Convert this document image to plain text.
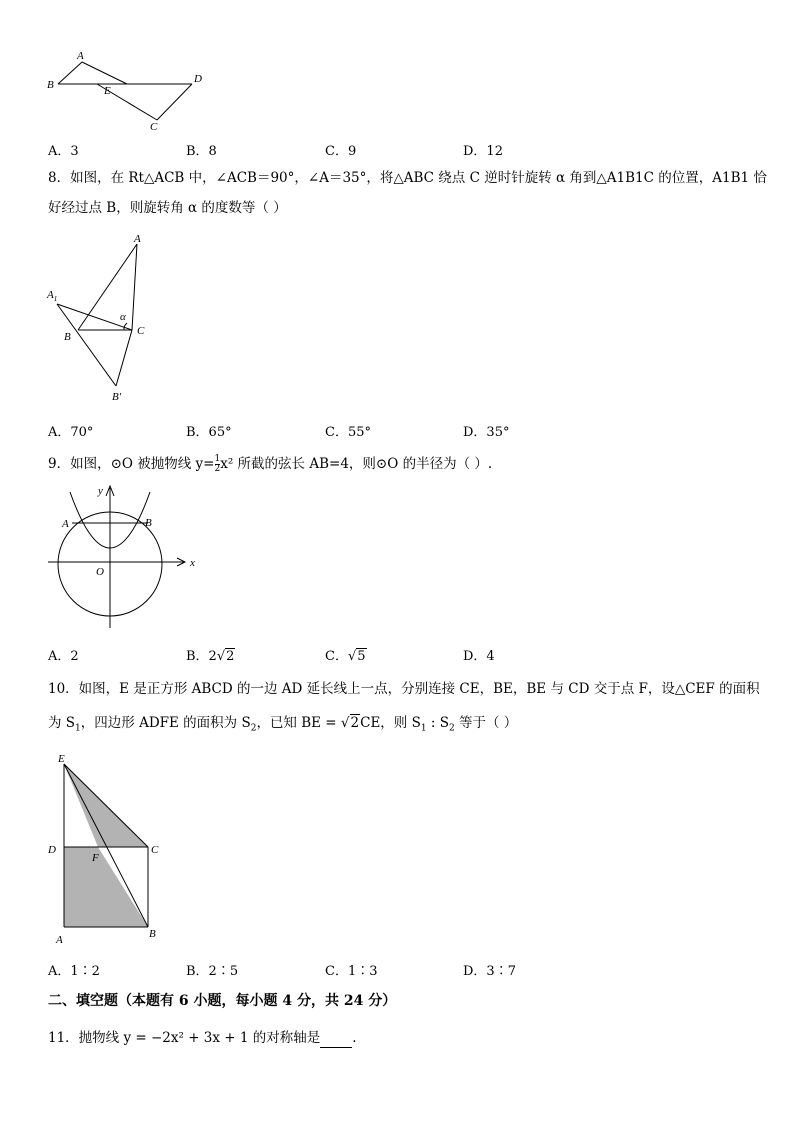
A
B	E
D
C
A．3	B．8	C．9	D．12
8．如图，在 Rt△ACB 中，∠ACB＝90°，∠A＝35°，将△ABC 绕点 C 逆时针旋转 α 角到△A1B1C 的位置，A1B1 恰
好经过点 B，则旋转角 α 的度数等（ ）
A
$A_1$
α
B	C
B′
A．70°	B．65°	C．55°	D．35°
9．如图，⊙O 被抛物线 $y= \frac{1}{2} x^2$ 所截的弦长 AB=4，则⊙O 的半径为（ ）.
y
A	B
O
x
A．2	B．2√2	C．√5	D．4
10．如图，E 是正方形 ABCD 的一边 AD 延长线上一点，分别连接 CE，BE，BE 与 CD 交于点 F，设△CEF 的面积
为 $S_1$，四边形 ADFE 的面积为 $S_2$，已知 BE = √2CE，则 $S_1$ : $S_2$ 等于（ ）
E
D
F
C
A	B
A．1∶2	B．2∶5	C．1∶3	D．3∶7
二、填空题（本题有 6 小题，每小题 4 分，共 24 分）
11．抛物线 y = −2x² + 3x + 1 的对称轴是 .
